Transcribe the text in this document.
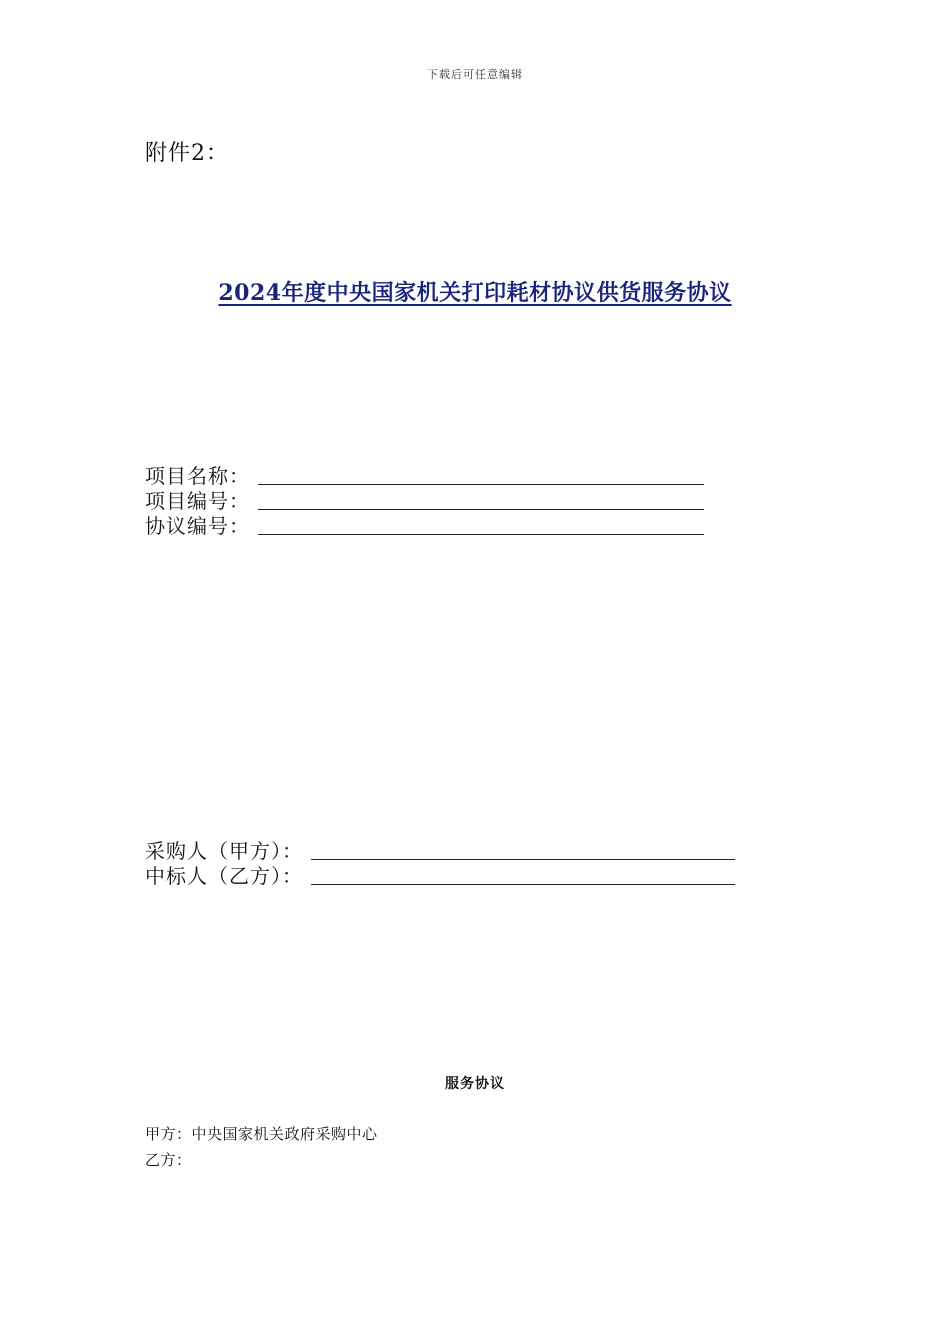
下载后可任意编辑
附件2：
2024年度中央国家机关打印耗材协议供货服务协议
项目名称：
项目编号：
协议编号：
采购人（甲方）：
中标人（乙方）：
服务协议
甲方：中央国家机关政府采购中心
乙方：
